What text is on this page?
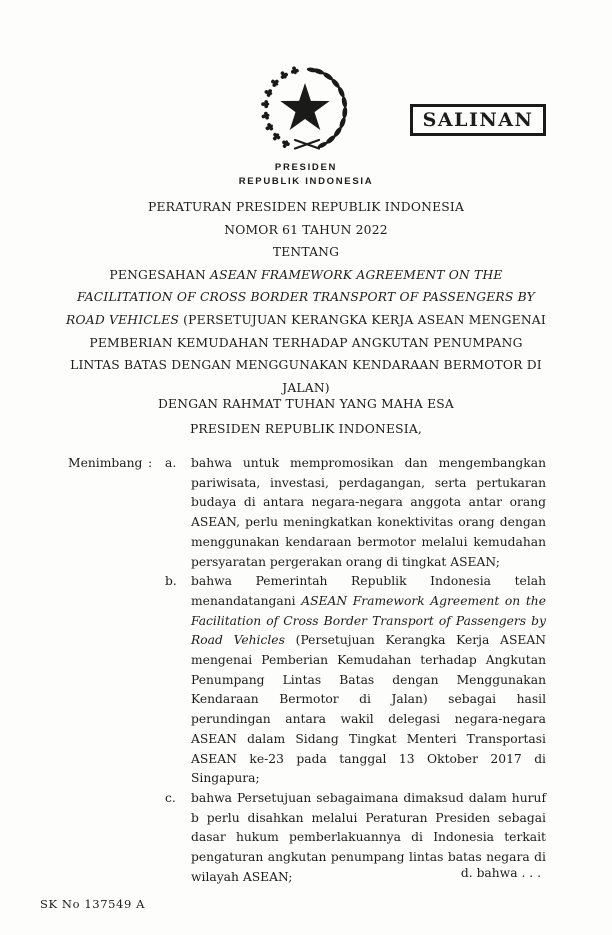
SALINAN
PRESIDEN
REPUBLIK INDONESIA
PERATURAN PRESIDEN REPUBLIK INDONESIA
NOMOR 61 TAHUN 2022
TENTANG
PENGESAHAN ASEAN FRAMEWORK AGREEMENT ON THE FACILITATION OF CROSS BORDER TRANSPORT OF PASSENGERS BY ROAD VEHICLES (PERSETUJUAN KERANGKA KERJA ASEAN MENGENAI PEMBERIAN KEMUDAHAN TERHADAP ANGKUTAN PENUMPANG LINTAS BATAS DENGAN MENGGUNAKAN KENDARAAN BERMOTOR DI JALAN)
DENGAN RAHMAT TUHAN YANG MAHA ESA
PRESIDEN REPUBLIK INDONESIA,
Menimbang :	a.	bahwa untuk mempromosikan dan mengembangkan pariwisata, investasi, perdagangan, serta pertukaran budaya di antara negara-negara anggota antar orang ASEAN, perlu meningkatkan konektivitas orang dengan menggunakan kendaraan bermotor melalui kemudahan persyaratan pergerakan orang di tingkat ASEAN;
b.	bahwa Pemerintah Republik Indonesia telah menandatangani ASEAN Framework Agreement on the Facilitation of Cross Border Transport of Passengers by Road Vehicles (Persetujuan Kerangka Kerja ASEAN mengenai Pemberian Kemudahan terhadap Angkutan Penumpang Lintas Batas dengan Menggunakan Kendaraan Bermotor di Jalan) sebagai hasil perundingan antara wakil delegasi negara-negara ASEAN dalam Sidang Tingkat Menteri Transportasi ASEAN ke-23 pada tanggal 13 Oktober 2017 di Singapura;
c.	bahwa Persetujuan sebagaimana dimaksud dalam huruf b perlu disahkan melalui Peraturan Presiden sebagai dasar hukum pemberlakuannya di Indonesia terkait pengaturan angkutan penumpang lintas batas negara di wilayah ASEAN;	d. bahwa . . .
SK No 137549 A
